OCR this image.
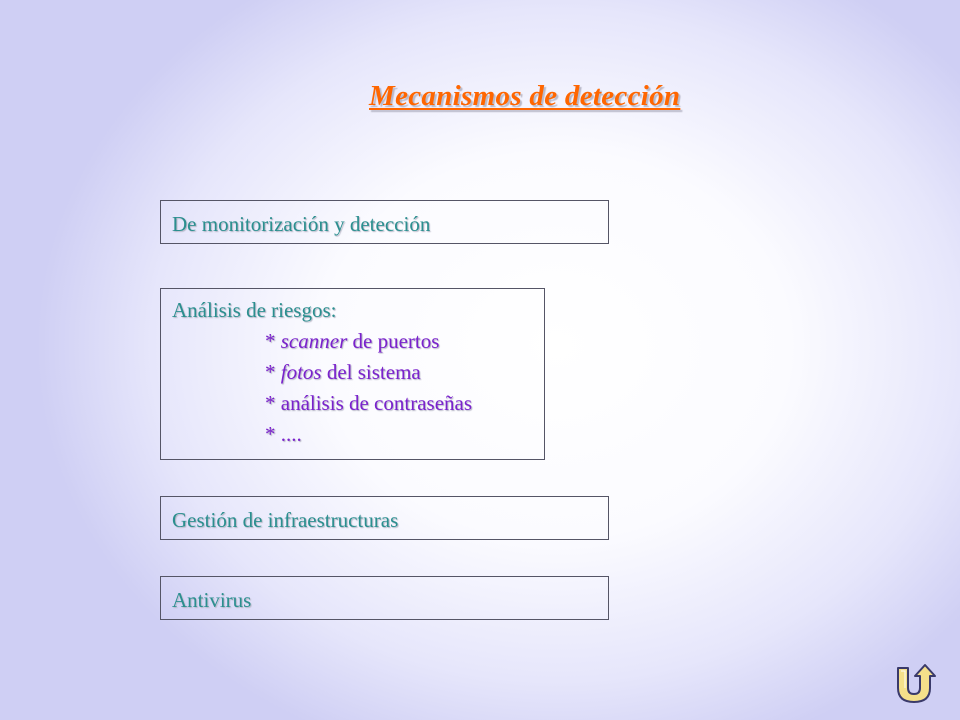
Mecanismos de detección
De monitorización y detección
Análisis de riesgos:
* scanner de puertos
* fotos del sistema
* análisis de contraseñas
* ....
Gestión de infraestructuras
Antivirus
